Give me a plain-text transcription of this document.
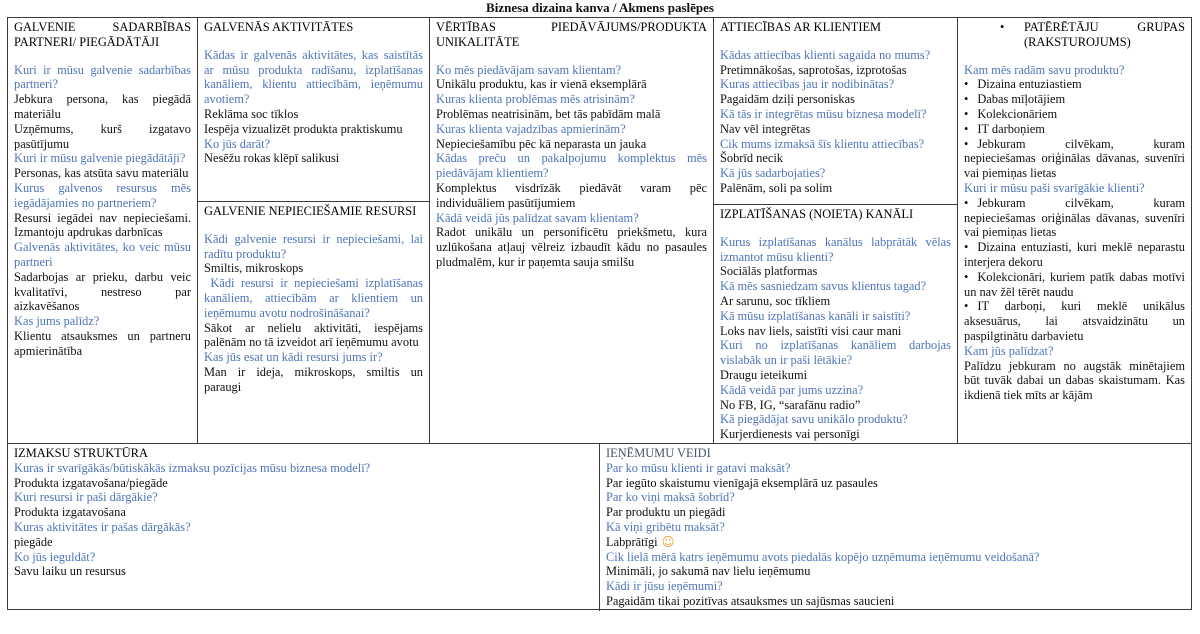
Biznesa dizaina kanva / Akmens paslēpes
GALVENIE SADARBĪBAS PARTNERI/ PIEGĀDĀTĀJI
Kuri ir mūsu galvenie sadarbības partneri?
Jebkura persona, kas piegādā materiālu
Uzņēmums, kurš izgatavo pasūtījumu
Kuri ir mūsu galvenie piegādātāji?
Personas, kas atsūta savu materiālu
Kurus galvenos resursus mēs iegādājamies no partneriem?
Resursi iegādei nav nepieciešami. Izmantoju apdrukas darbnīcas
Galvenās aktivitātes, ko veic mūsu partneri
Sadarbojas ar prieku, darbu veic kvalitatīvi, nestreso par aizkavēšanos
Kas jums palīdz?
Klientu atsauksmes un partneru apmierinātība
GALVENĀS AKTIVITĀTES
Kādas ir galvenās aktivitātes, kas saistītās ar mūsu produkta radīšanu, izplatīšanas kanāliem, klientu attiecībām, ieņēmumu avotiem?
Reklāma soc tīklos
Iespēja vizualizēt produkta praktiskumu
Ko jūs darāt?
Nesēžu rokas klēpī salikusi
GALVENIE NEPIECIEŠAMIE RESURSI
Kādi galvenie resursi ir nepieciešami, lai radītu produktu?
Smiltis, mikroskops
Kādi resursi ir nepieciešami izplatīšanas kanāliem, attiecībām ar klientiem un ieņēmumu avotu nodrošināšanai?
Sākot ar nelielu aktivitāti, iespējams palēnām no tā izveidot arī ieņēmumu avotu
Kas jūs esat un kādi resursi jums ir?
Man ir ideja, mikroskops, smiltis un paraugi
VĒRTĪBAS PIEDĀVĀJUMS/PRODUKTA UNIKALITĀTE
Ko mēs piedāvājam savam klientam?
Unikālu produktu, kas ir vienā eksemplārā
Kuras klienta problēmas mēs atrisinām?
Problēmas neatrisinām, bet tās pabīdām malā
Kuras klienta vajadzības apmierinām?
Nepieciešamību pēc kā neparasta un jauka
Kādas preču un pakalpojumu komplektus mēs piedāvājam klientiem?
Komplektus visdrīzāk piedāvāt varam pēc individuāliem pasūtījumiem
Kādā veidā jūs palīdzat savam klientam?
Radot unikālu un personificētu priekšmetu, kura uzlūkošana atļauj vēlreiz izbaudīt kādu no pasaules pludmalēm, kur ir paņemta sauja smilšu
ATTIECĪBAS AR KLIENTIEM
Kādas attiecības klienti sagaida no mums?
Pretimnākošas, saprotošas, izprotošas
Kuras attiecības jau ir nodibinātas?
Pagaidām dziļi personiskas
Kā tās ir integrētas mūsu biznesa modelī?
Nav vēl integrētas
Cik mums izmaksā šīs klientu attiecības?
Šobrīd necik
Kā jūs sadarbojaties?
Palēnām, soli pa solim
IZPLATĪŠANAS (NOIETA) KANĀLI
Kurus izplatīšanas kanālus labprātāk vēlas izmantot mūsu klienti?
Sociālās platformas
Kā mēs sasniedzam savus klientus tagad?
Ar sarunu, soc tīkliem
Kā mūsu izplatīšanas kanāli ir saistīti?
Loks nav liels, saistīti visi caur mani
Kuri no izplatīšanas kanāliem darbojas vislabāk un ir paši lētākie?
Draugu ieteikumi
Kādā veidā par jums uzzina?
No FB, IG, “sarafānu radio”
Kā piegādājat savu unikālo produktu?
Kurjerdienests vai personīgi
• PATĒRĒTĀJU GRUPAS (RAKSTUROJUMS)
Kam mēs radām savu produktu?
• Dizaina entuziastiem
• Dabas mīļotājiem
• Kolekcionāriem
• IT darboņiem
• Jebkuram cilvēkam, kuram nepieciešamas oriģinālas dāvanas, suvenīri vai piemiņas lietas
Kuri ir mūsu paši svarīgākie klienti?
• Jebkuram cilvēkam, kuram nepieciešamas oriģinālas dāvanas, suvenīri vai piemiņas lietas
• Dizaina entuziasti, kuri meklē neparastu interjera dekoru
• Kolekcionāri, kuriem patīk dabas motīvi un nav žēl tērēt naudu
• IT darboņi, kuri meklē unikālus aksesuārus, lai atsvaidzinātu un paspilgtinātu darbavietu
Kam jūs palīdzat?
Palīdzu jebkuram no augstāk minētajiem būt tuvāk dabai un dabas skaistumam. Kas ikdienā tiek mīts ar kājām
IZMAKSU STRUKTŪRA
Kuras ir svarīgākās/būtiskākās izmaksu pozīcijas mūsu biznesa modelī?
Produkta izgatavošana/piegāde
Kuri resursi ir paši dārgākie?
Produkta izgatavošana
Kuras aktivitātes ir pašas dārgākās?
piegāde
Ko jūs ieguldāt?
Savu laiku un resursus
IEŅĒMUMU VEIDI
Par ko mūsu klienti ir gatavi maksāt?
Par iegūto skaistumu vienīgajā eksemplārā uz pasaules
Par ko viņi maksā šobrīd?
Par produktu un piegādi
Kā viņi gribētu maksāt?
Labprātīgi ☺
Cik lielā mērā katrs ieņēmumu avots piedalās kopējo uzņēmuma ieņēmumu veidošanā?
Minimāli, jo sakumā nav lielu ieņēmumu
Kādi ir jūsu ieņēmumi?
Pagaidām tikai pozitīvas atsauksmes un sajūsmas saucieni
